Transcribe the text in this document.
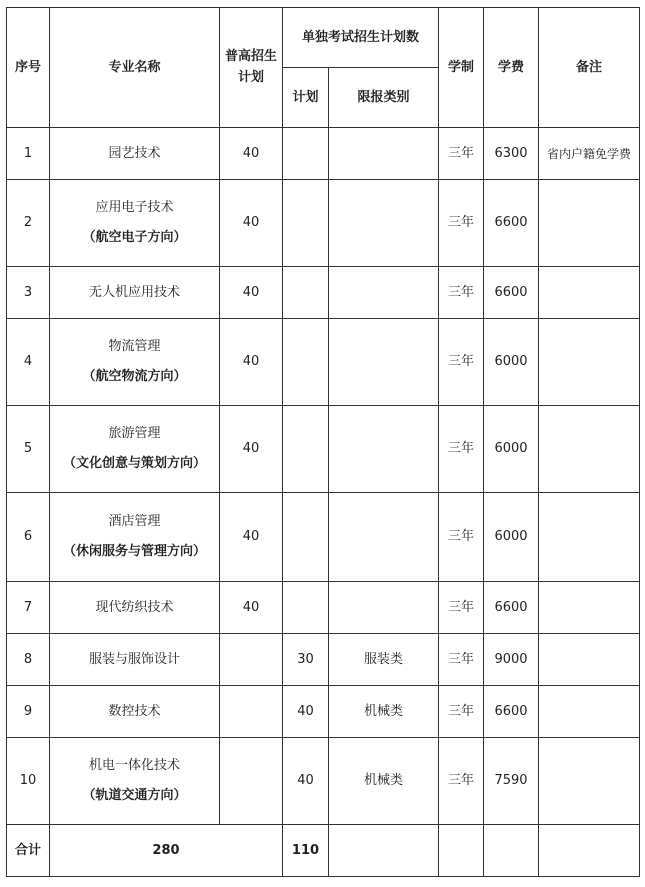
序号	专业名称	普高招生计划	单独考试招生计划数		学制	学费	备注
			计划	限报类别			
1	园艺技术	40			三年	6300	省内户籍免学费
2	应用电子技术
（航空电子方向）	40			三年	6600	
3	无人机应用技术	40			三年	6600	
4	物流管理
（航空物流方向）	40			三年	6000	
5	旅游管理
（文化创意与策划方向）	40			三年	6000	
6	酒店管理
（休闲服务与管理方向）	40			三年	6000	
7	现代纺织技术	40			三年	6600	
8	服装与服饰设计		30	服装类	三年	9000	
9	数控技术		40	机械类	三年	6600	
10	机电一体化技术
（轨道交通方向）		40	机械类	三年	7590	
合计	280		110				
